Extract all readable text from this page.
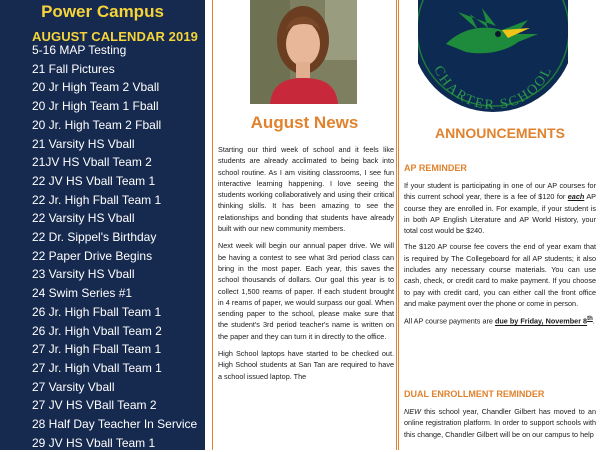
Power Campus
AUGUST CALENDAR 2019
5-16 MAP Testing
21 Fall Pictures
20 Jr High Team 2 Vball
20 Jr High Team 1 Fball
20 Jr. High Team 2 Fball
21 Varsity HS Vball
21JV HS Vball Team 2
22 JV HS Vball Team 1
22 Jr. High Fball Team 1
22 Varsity HS Vball
22 Dr. Sippel's Birthday
22 Paper Drive Begins
23 Varsity HS Vball
24 Swim Series #1
26 Jr. High Fball Team 1
26 Jr. High Vball Team 2
27 Jr. High Fball Team 1
27 Jr. High Vball Team 1
27 Varsity Vball
27 JV HS VBall Team 2
28 Half Day Teacher In Service
29 JV HS Vball Team 1
August News

Starting our third week of school and it feels like students are already acclimated to being back into school routine. As I am visiting classrooms, I see fun interactive learning happening. I love seeing the students working collaboratively and using their critical thinking skills. It has been amazing to see the relationships and bonding that students have already built with our new community members.

Next week will begin our annual paper drive. We will be having a contest to see what 3rd period class can bring in the most paper. Each year, this saves the school thousands of dollars. Our goal this year is to collect 1,500 reams of paper. If each student brought in 4 reams of paper, we would surpass our goal. When sending paper to the school, please make sure that the student's 3rd period teacher's name is written on the paper and they can turn it in directly to the office.

High School laptops have started to be checked out. High School students at San Tan are required to have a school issued laptop. The

CHARTER SCHOOL
ANNOUNCEMENTS
AP REMINDER

If your student is participating in one of our AP courses for this current school year, there is a fee of $120 for each AP course they are enrolled in. For example, if your student is in both AP English Literature and AP World History, your total cost would be $240.

The $120 AP course fee covers the end of year exam that is required by The Collegeboard for all AP students; it also includes any necessary course materials. You can use cash, check, or credit card to make payment. If you choose to pay with credit card, you can either call the front office and make payment over the phone or come in person.

All AP course payments are due by Friday, November 8th.

DUAL ENROLLMENT REMINDER

NEW this school year, Chandler Gilbert has moved to an online registration platform. In order to support schools with this change, Chandler Gilbert will be on our campus to help
